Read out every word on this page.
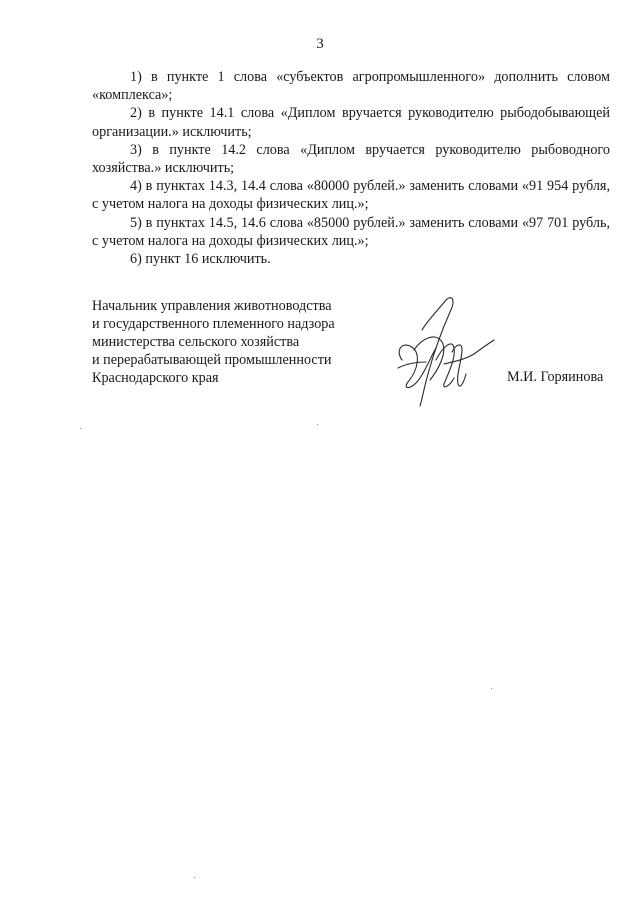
3

1) в пункте 1 слова «субъектов агропромышленного» дополнить словом «комплекса»;

2) в пункте 14.1 слова «Диплом вручается руководителю рыбодобывающей организации.» исключить;

3) в пункте 14.2 слова «Диплом вручается руководителю рыбоводного хозяйства.» исключить;

4) в пунктах 14.3, 14.4 слова «80000 рублей.» заменить словами «91 954 рубля, с учетом налога на доходы физических лиц.»;

5) в пунктах 14.5, 14.6 слова «85000 рублей.» заменить словами «97 701 рубль, с учетом налога на доходы физических лиц.»;

6) пункт 16 исключить.

Начальник управления животноводства
и государственного племенного надзора
министерства сельского хозяйства
и перерабатывающей промышленности
Краснодарского края	М.И. Горяинова
